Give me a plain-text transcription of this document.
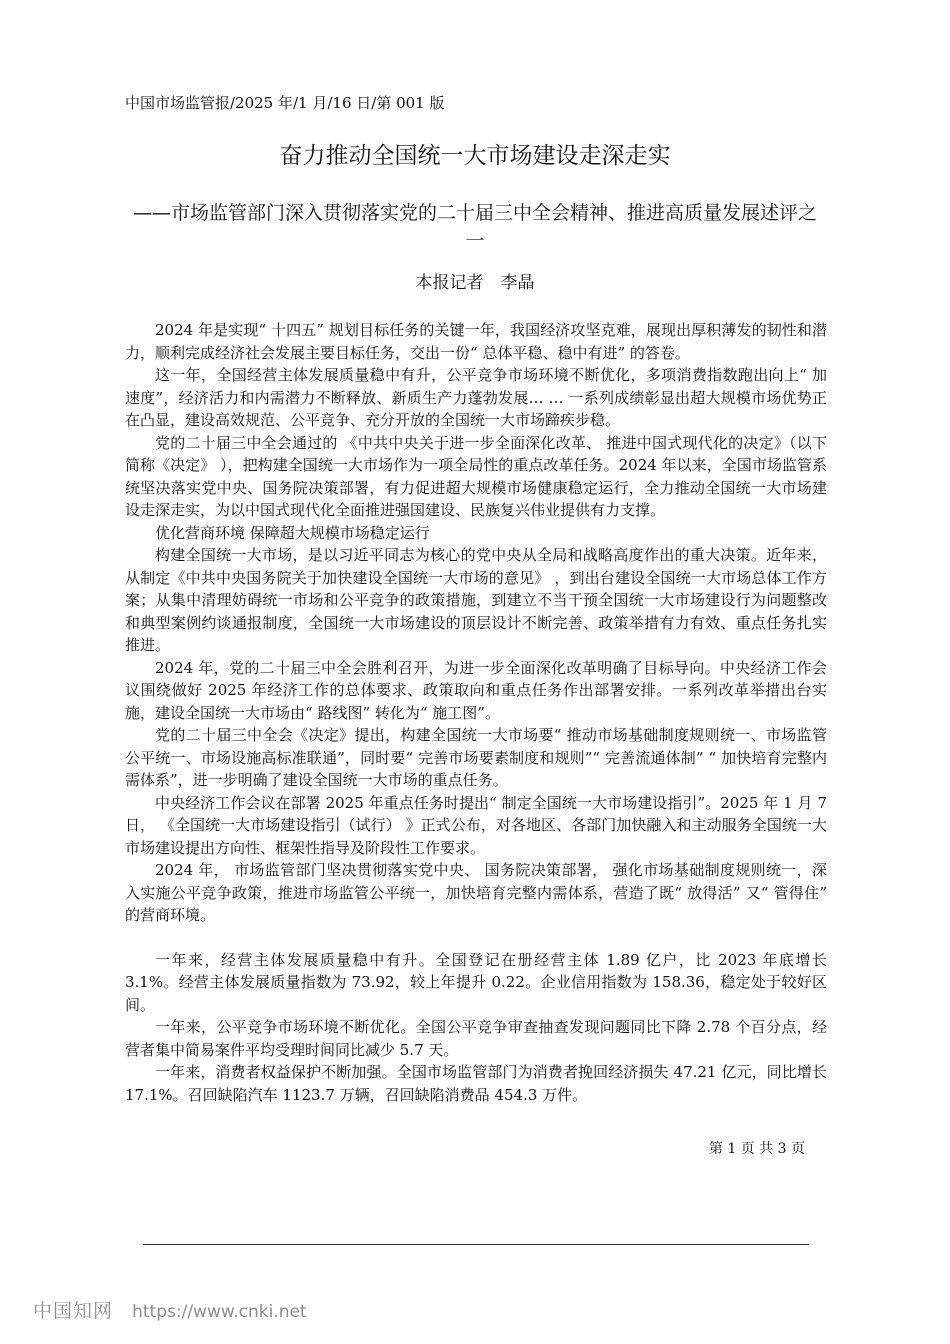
中国市场监管报/2025 年/1 月/16 日/第 001 版
奋力推动全国统一大市场建设走深走实
——市场监管部门深入贯彻落实党的二十届三中全会精神、推进高质量发展述评之一
本报记者　李晶

2024 年是实现“ 十四五” 规划目标任务的关键一年，我国经济攻坚克难，展现出厚积薄发的韧性和潜力，顺利完成经济社会发展主要目标任务，交出一份“ 总体平稳、稳中有进” 的答卷。

这一年，全国经营主体发展质量稳中有升，公平竞争市场环境不断优化，多项消费指数跑出向上“ 加速度”，经济活力和内需潜力不断释放、新质生产力蓬勃发展… … 一系列成绩彰显出超大规模市场优势正在凸显，建设高效规范、公平竞争、充分开放的全国统一大市场蹄疾步稳。

党的二十届三中全会通过的 《中共中央关于进一步全面深化改革、 推进中国式现代化的决定》（以下简称《决定》 ），把构建全国统一大市场作为一项全局性的重点改革任务。2024 年以来，全国市场监管系统坚决落实党中央、国务院决策部署，有力促进超大规模市场健康稳定运行，全力推动全国统一大市场建设走深走实，为以中国式现代化全面推进强国建设、民族复兴伟业提供有力支撑。

优化营商环境 保障超大规模市场稳定运行

构建全国统一大市场，是以习近平同志为核心的党中央从全局和战略高度作出的重大决策。近年来，从制定《中共中央国务院关于加快建设全国统一大市场的意见》 ，到出台建设全国统一大市场总体工作方案；从集中清理妨碍统一市场和公平竞争的政策措施，到建立不当干预全国统一大市场建设行为问题整改和典型案例约谈通报制度，全国统一大市场建设的顶层设计不断完善、政策举措有力有效、重点任务扎实推进。

2024 年，党的二十届三中全会胜利召开，为进一步全面深化改革明确了目标导向。中央经济工作会议围绕做好 2025 年经济工作的总体要求、政策取向和重点任务作出部署安排。一系列改革举措出台实施，建设全国统一大市场由“ 路线图” 转化为“ 施工图”。

党的二十届三中全会《决定》提出，构建全国统一大市场要“ 推动市场基础制度规则统一、市场监管公平统一、市场设施高标准联通”，同时要“ 完善市场要素制度和规则”“ 完善流通体制” “ 加快培育完整内需体系”，进一步明确了建设全国统一大市场的重点任务。

中央经济工作会议在部署 2025 年重点任务时提出“ 制定全国统一大市场建设指引”。2025 年 1 月 7 日， 《全国统一大市场建设指引（试行） 》正式公布，对各地区、各部门加快融入和主动服务全国统一大市场建设提出方向性、框架性指导及阶段性工作要求。

2024 年， 市场监管部门坚决贯彻落实党中央、 国务院决策部署， 强化市场基础制度规则统一，深入实施公平竞争政策，推进市场监管公平统一，加快培育完整内需体系，营造了既“ 放得活” 又“ 管得住” 的营商环境。

一年来，经营主体发展质量稳中有升。全国登记在册经营主体 1.89 亿户，比 2023 年底增长 3.1%。经营主体发展质量指数为 73.92，较上年提升 0.22。企业信用指数为 158.36，稳定处于较好区间。

一年来，公平竞争市场环境不断优化。全国公平竞争审查抽查发现问题同比下降 2.78 个百分点，经营者集中简易案件平均受理时间同比减少 5.7 天。

一年来，消费者权益保护不断加强。全国市场监管部门为消费者挽回经济损失 47.21 亿元，同比增长 17.1%。召回缺陷汽车 1123.7 万辆，召回缺陷消费品 454.3 万件。

第 1 页 共 3 页
中国知网 https://www.cnki.net
